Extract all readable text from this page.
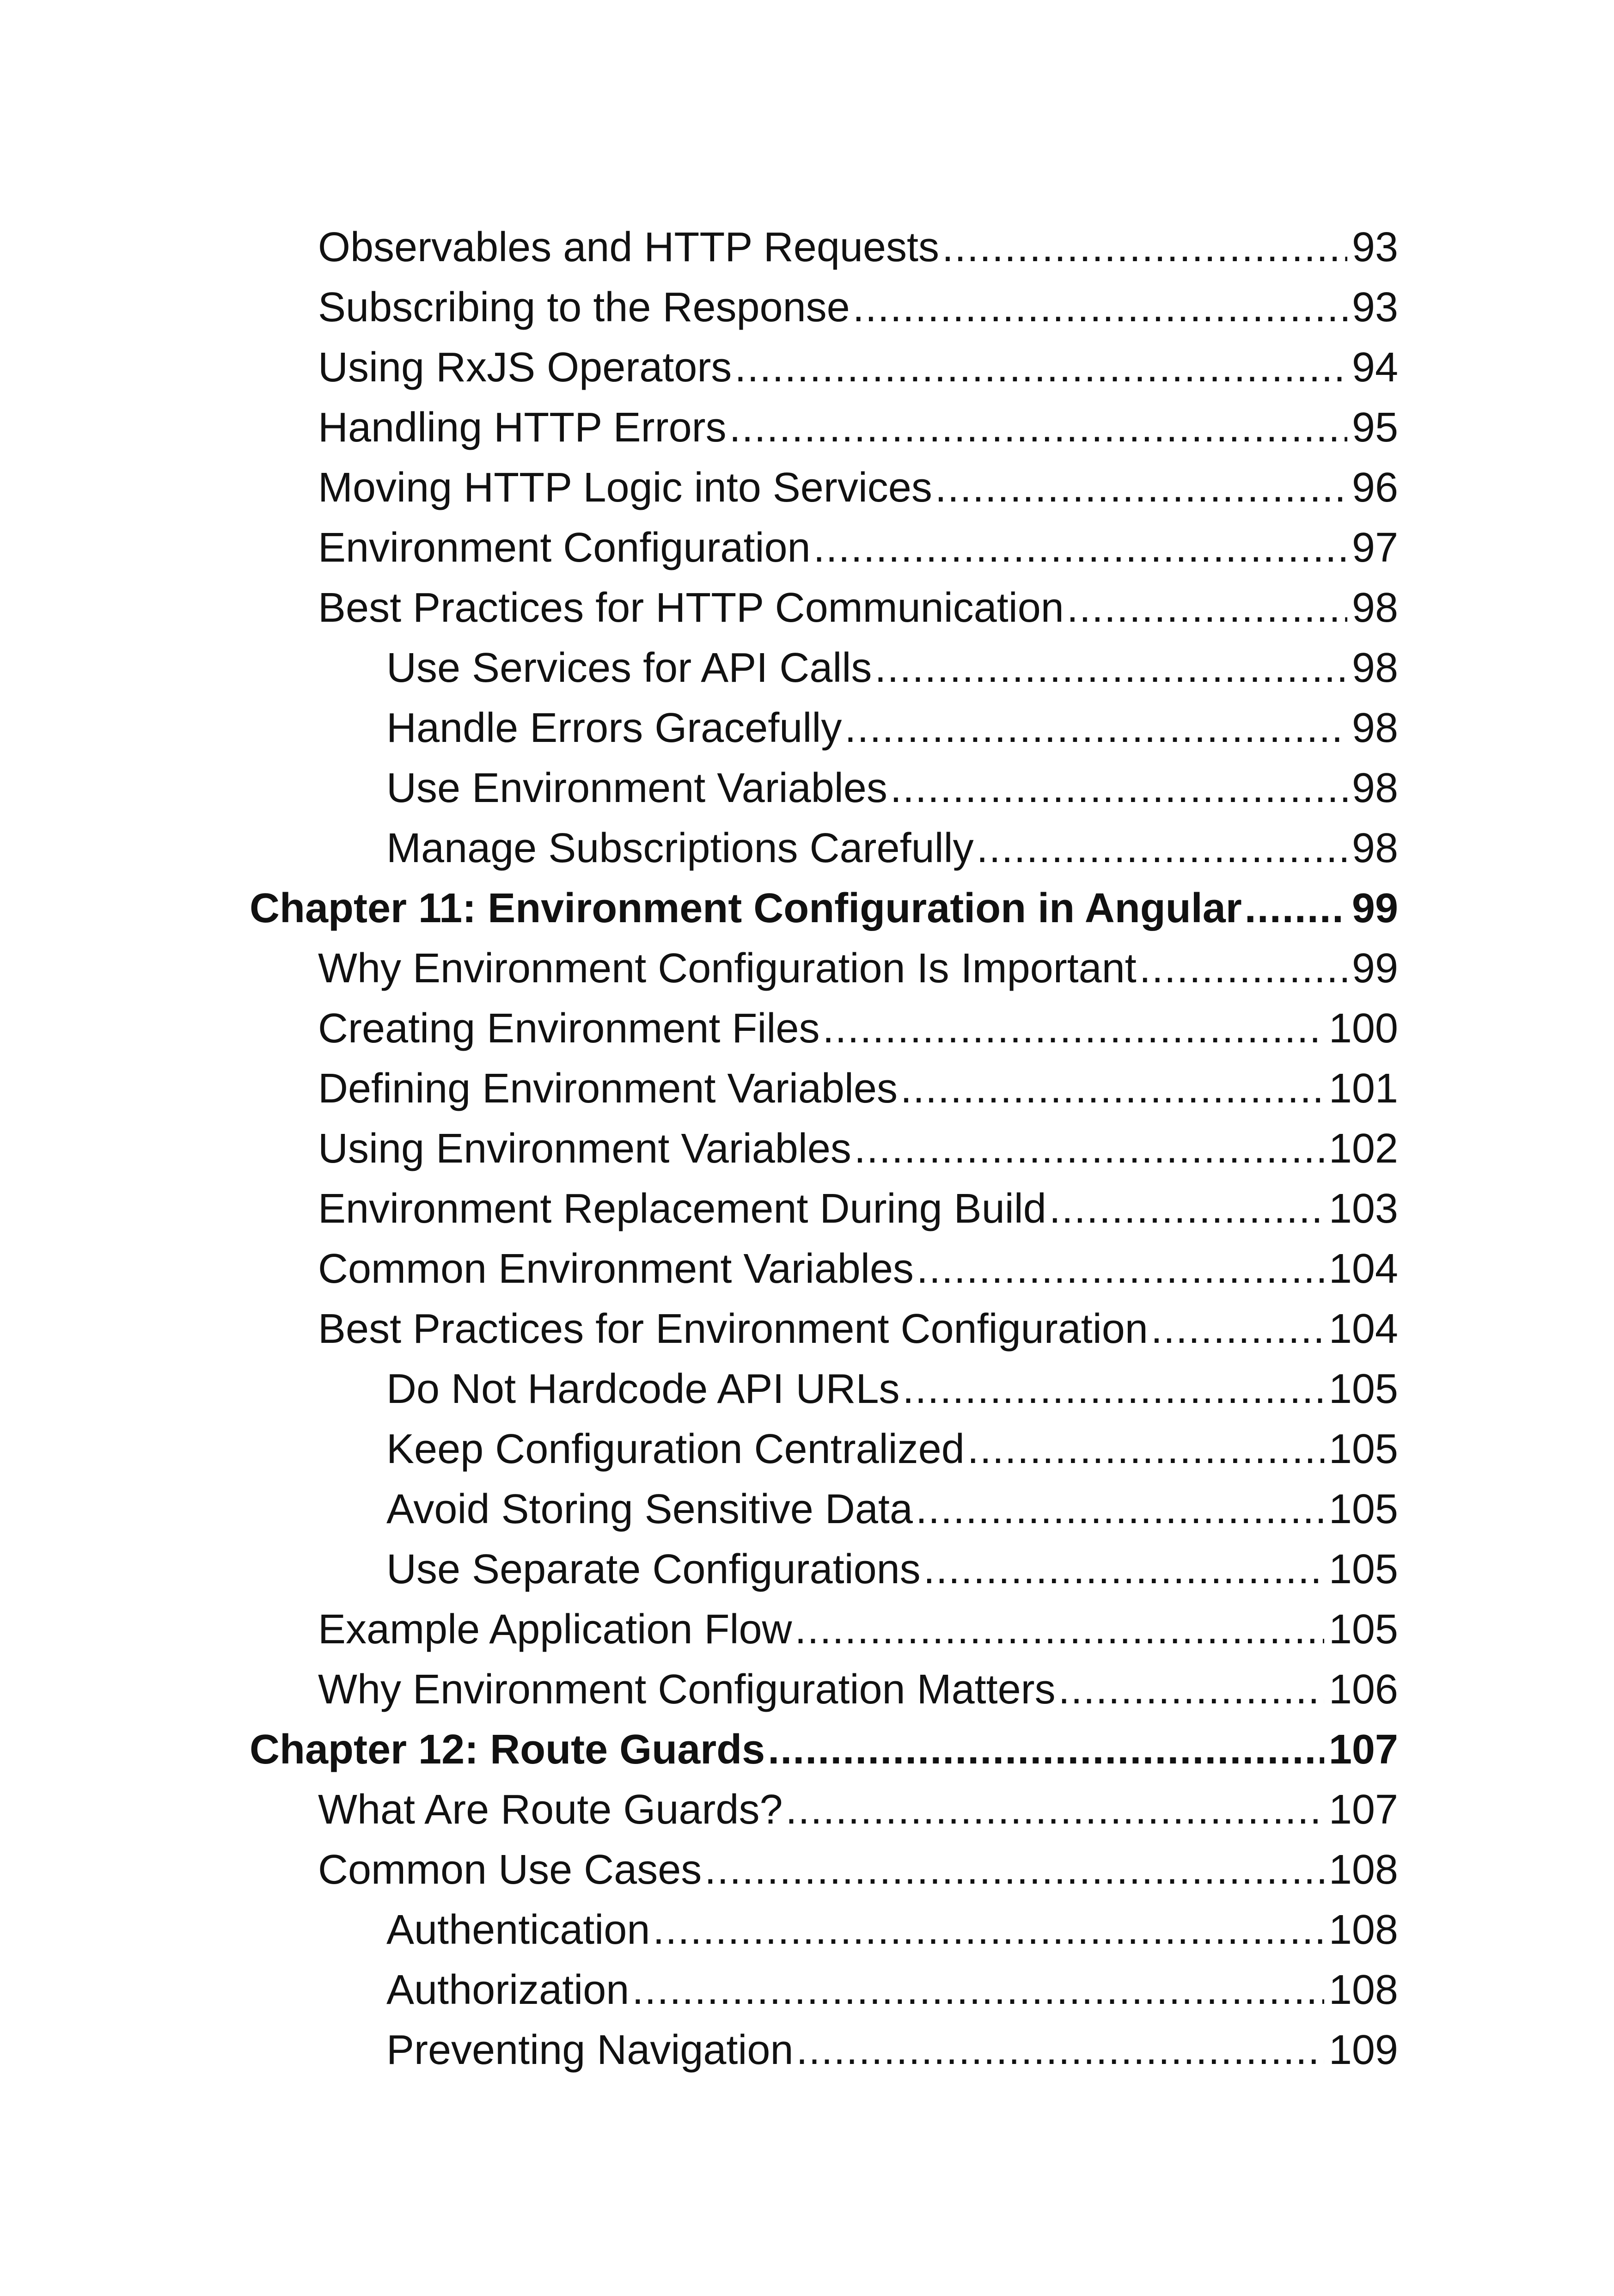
Observables and HTTP Requests .....	93
Subscribing to the Response .....	93
Using RxJS Operators .....	94
Handling HTTP Errors .....	95
Moving HTTP Logic into Services .....	96
Environment Configuration .....	97
Best Practices for HTTP Communication .....	98
Use Services for API Calls .....	98
Handle Errors Gracefully .....	98
Use Environment Variables .....	98
Manage Subscriptions Carefully .....	98
Chapter 11: Environment Configuration in Angular .....	99
Why Environment Configuration Is Important .....	99
Creating Environment Files .....	100
Defining Environment Variables .....	101
Using Environment Variables .....	102
Environment Replacement During Build .....	103
Common Environment Variables .....	104
Best Practices for Environment Configuration .....	104
Do Not Hardcode API URLs .....	105
Keep Configuration Centralized .....	105
Avoid Storing Sensitive Data .....	105
Use Separate Configurations .....	105
Example Application Flow .....	105
Why Environment Configuration Matters .....	106
Chapter 12: Route Guards .....	107
What Are Route Guards? .....	107
Common Use Cases .....	108
Authentication .....	108
Authorization .....	108
Preventing Navigation .....	109
